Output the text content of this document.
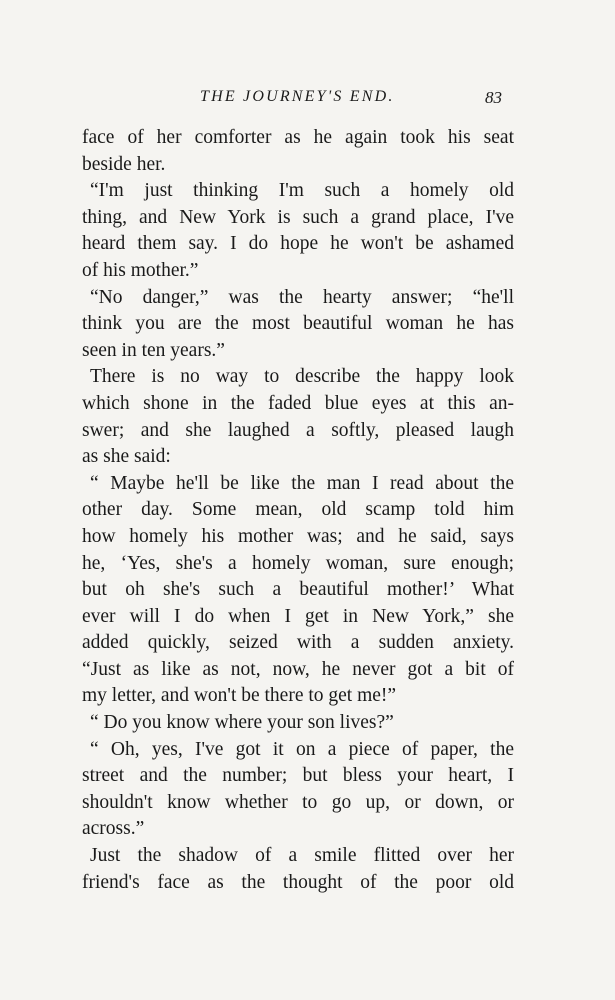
THE JOURNEY'S END.	83
face of her comforter as he again took his seat
beside her.
“I'm just thinking I'm such a homely old
thing, and New York is such a grand place, I've
heard them say. I do hope he won't be ashamed
of his mother.”
“No danger,” was the hearty answer; “he'll
think you are the most beautiful woman he has
seen in ten years.”
There is no way to describe the happy look
which shone in the faded blue eyes at this an-
swer; and she laughed a softly, pleased laugh
as she said:
“ Maybe he'll be like the man I read about the
other day. Some mean, old scamp told him
how homely his mother was; and he said, says
he, ‘Yes, she's a homely woman, sure enough;
but oh she's such a beautiful mother!’ What
ever will I do when I get in New York,” she
added quickly, seized with a sudden anxiety.
“Just as like as not, now, he never got a bit of
my letter, and won't be there to get me!”
“ Do you know where your son lives?”
“ Oh, yes, I've got it on a piece of paper, the
street and the number; but bless your heart, I
shouldn't know whether to go up, or down, or
across.”
Just the shadow of a smile flitted over her
friend's face as the thought of the poor old
